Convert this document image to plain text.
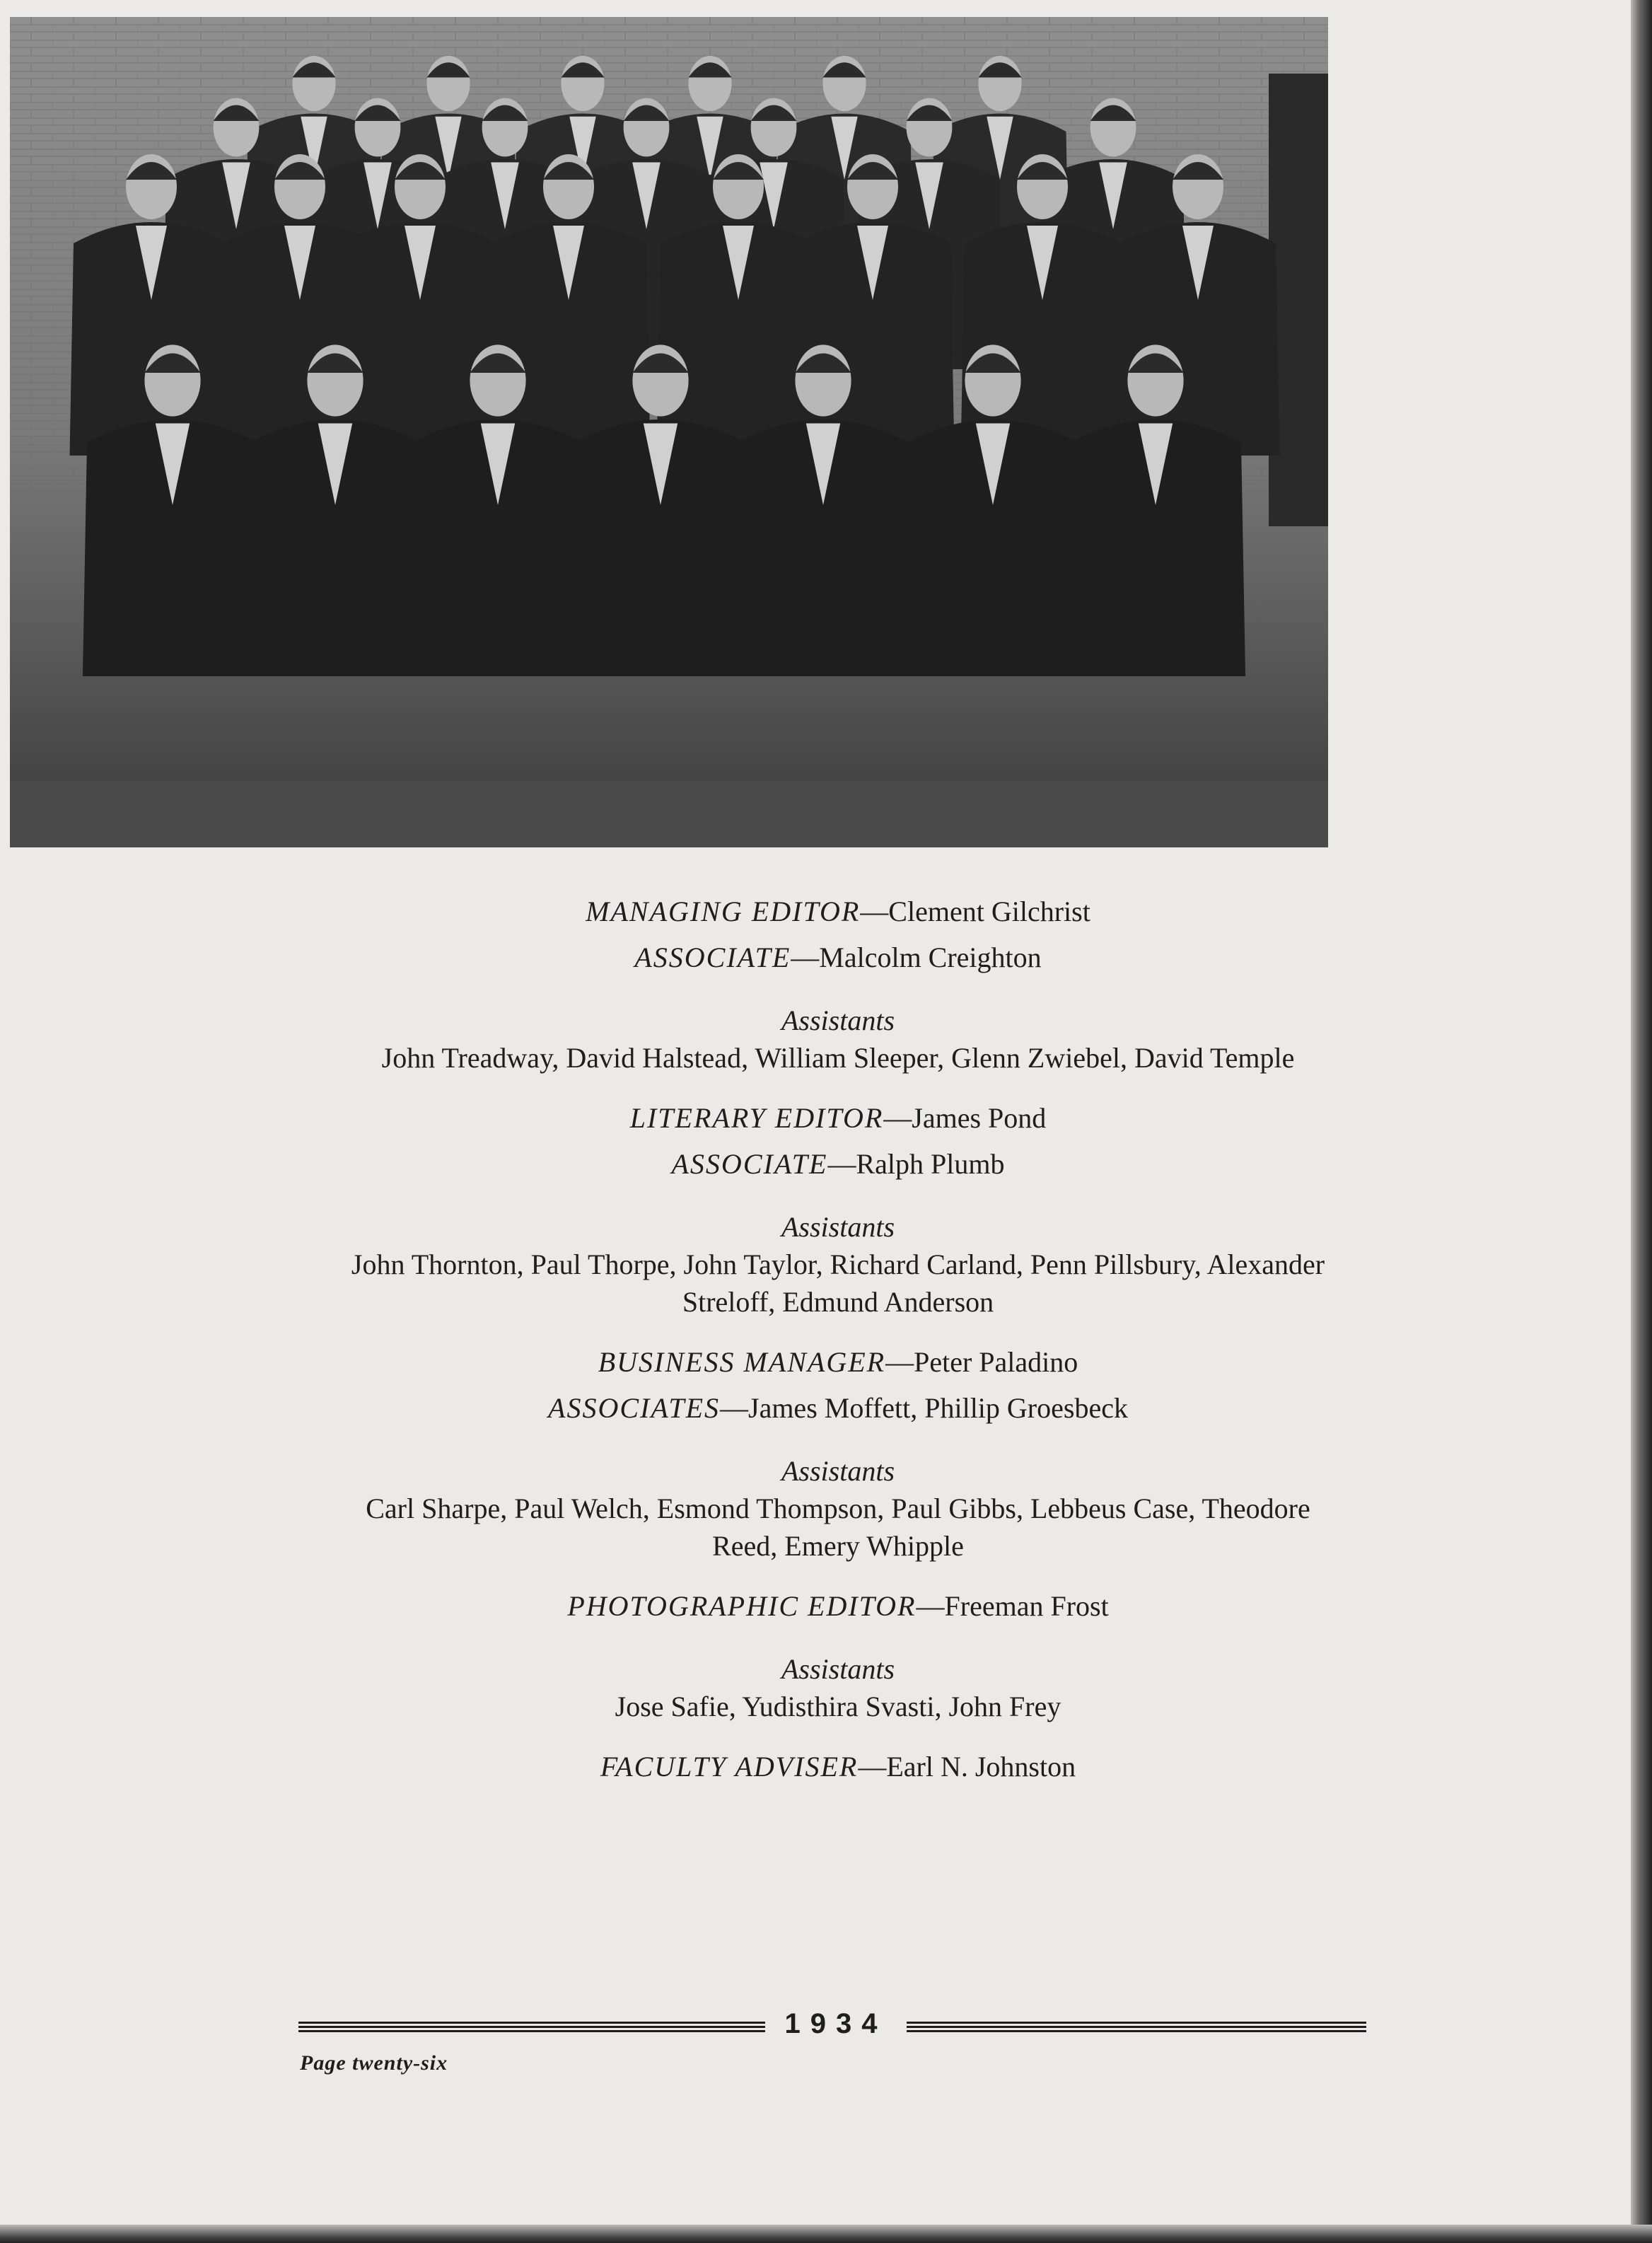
MANAGING EDITOR—Clement Gilchrist

ASSOCIATE—Malcolm Creighton

Assistants

John Treadway, David Halstead, William Sleeper, Glenn Zwiebel, David Temple

LITERARY EDITOR—James Pond

ASSOCIATE—Ralph Plumb

Assistants

John Thornton, Paul Thorpe, John Taylor, Richard Carland, Penn Pillsbury, Alexander Streloff, Edmund Anderson

BUSINESS MANAGER—Peter Paladino

ASSOCIATES—James Moffett, Phillip Groesbeck

Assistants

Carl Sharpe, Paul Welch, Esmond Thompson, Paul Gibbs, Lebbeus Case, Theodore Reed, Emery Whipple

PHOTOGRAPHIC EDITOR—Freeman Frost

Assistants

Jose Safie, Yudisthira Svasti, John Frey

FACULTY ADVISER—Earl N. Johnston

1934
Page twenty-six
